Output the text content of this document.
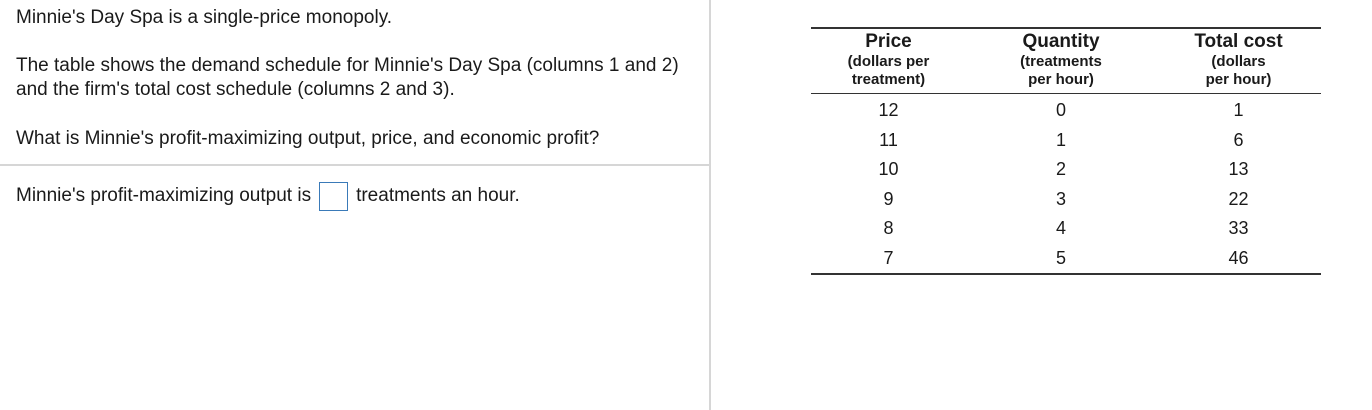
Minnie's Day Spa is a single-price monopoly.

The table shows the demand schedule for Minnie's Day Spa (columns 1 and 2) and the firm's total cost schedule (columns 2 and 3).

What is Minnie's profit-maximizing output, price, and economic profit?

Minnie's profit-maximizing output is treatments an hour.
Price
(dollars per
treatment)	Quantity
(treatments
per hour)	Total cost
(dollars
per hour)

12	0	1
11	1	6
10	2	13
9	3	22
8	4	33
7	5	46
